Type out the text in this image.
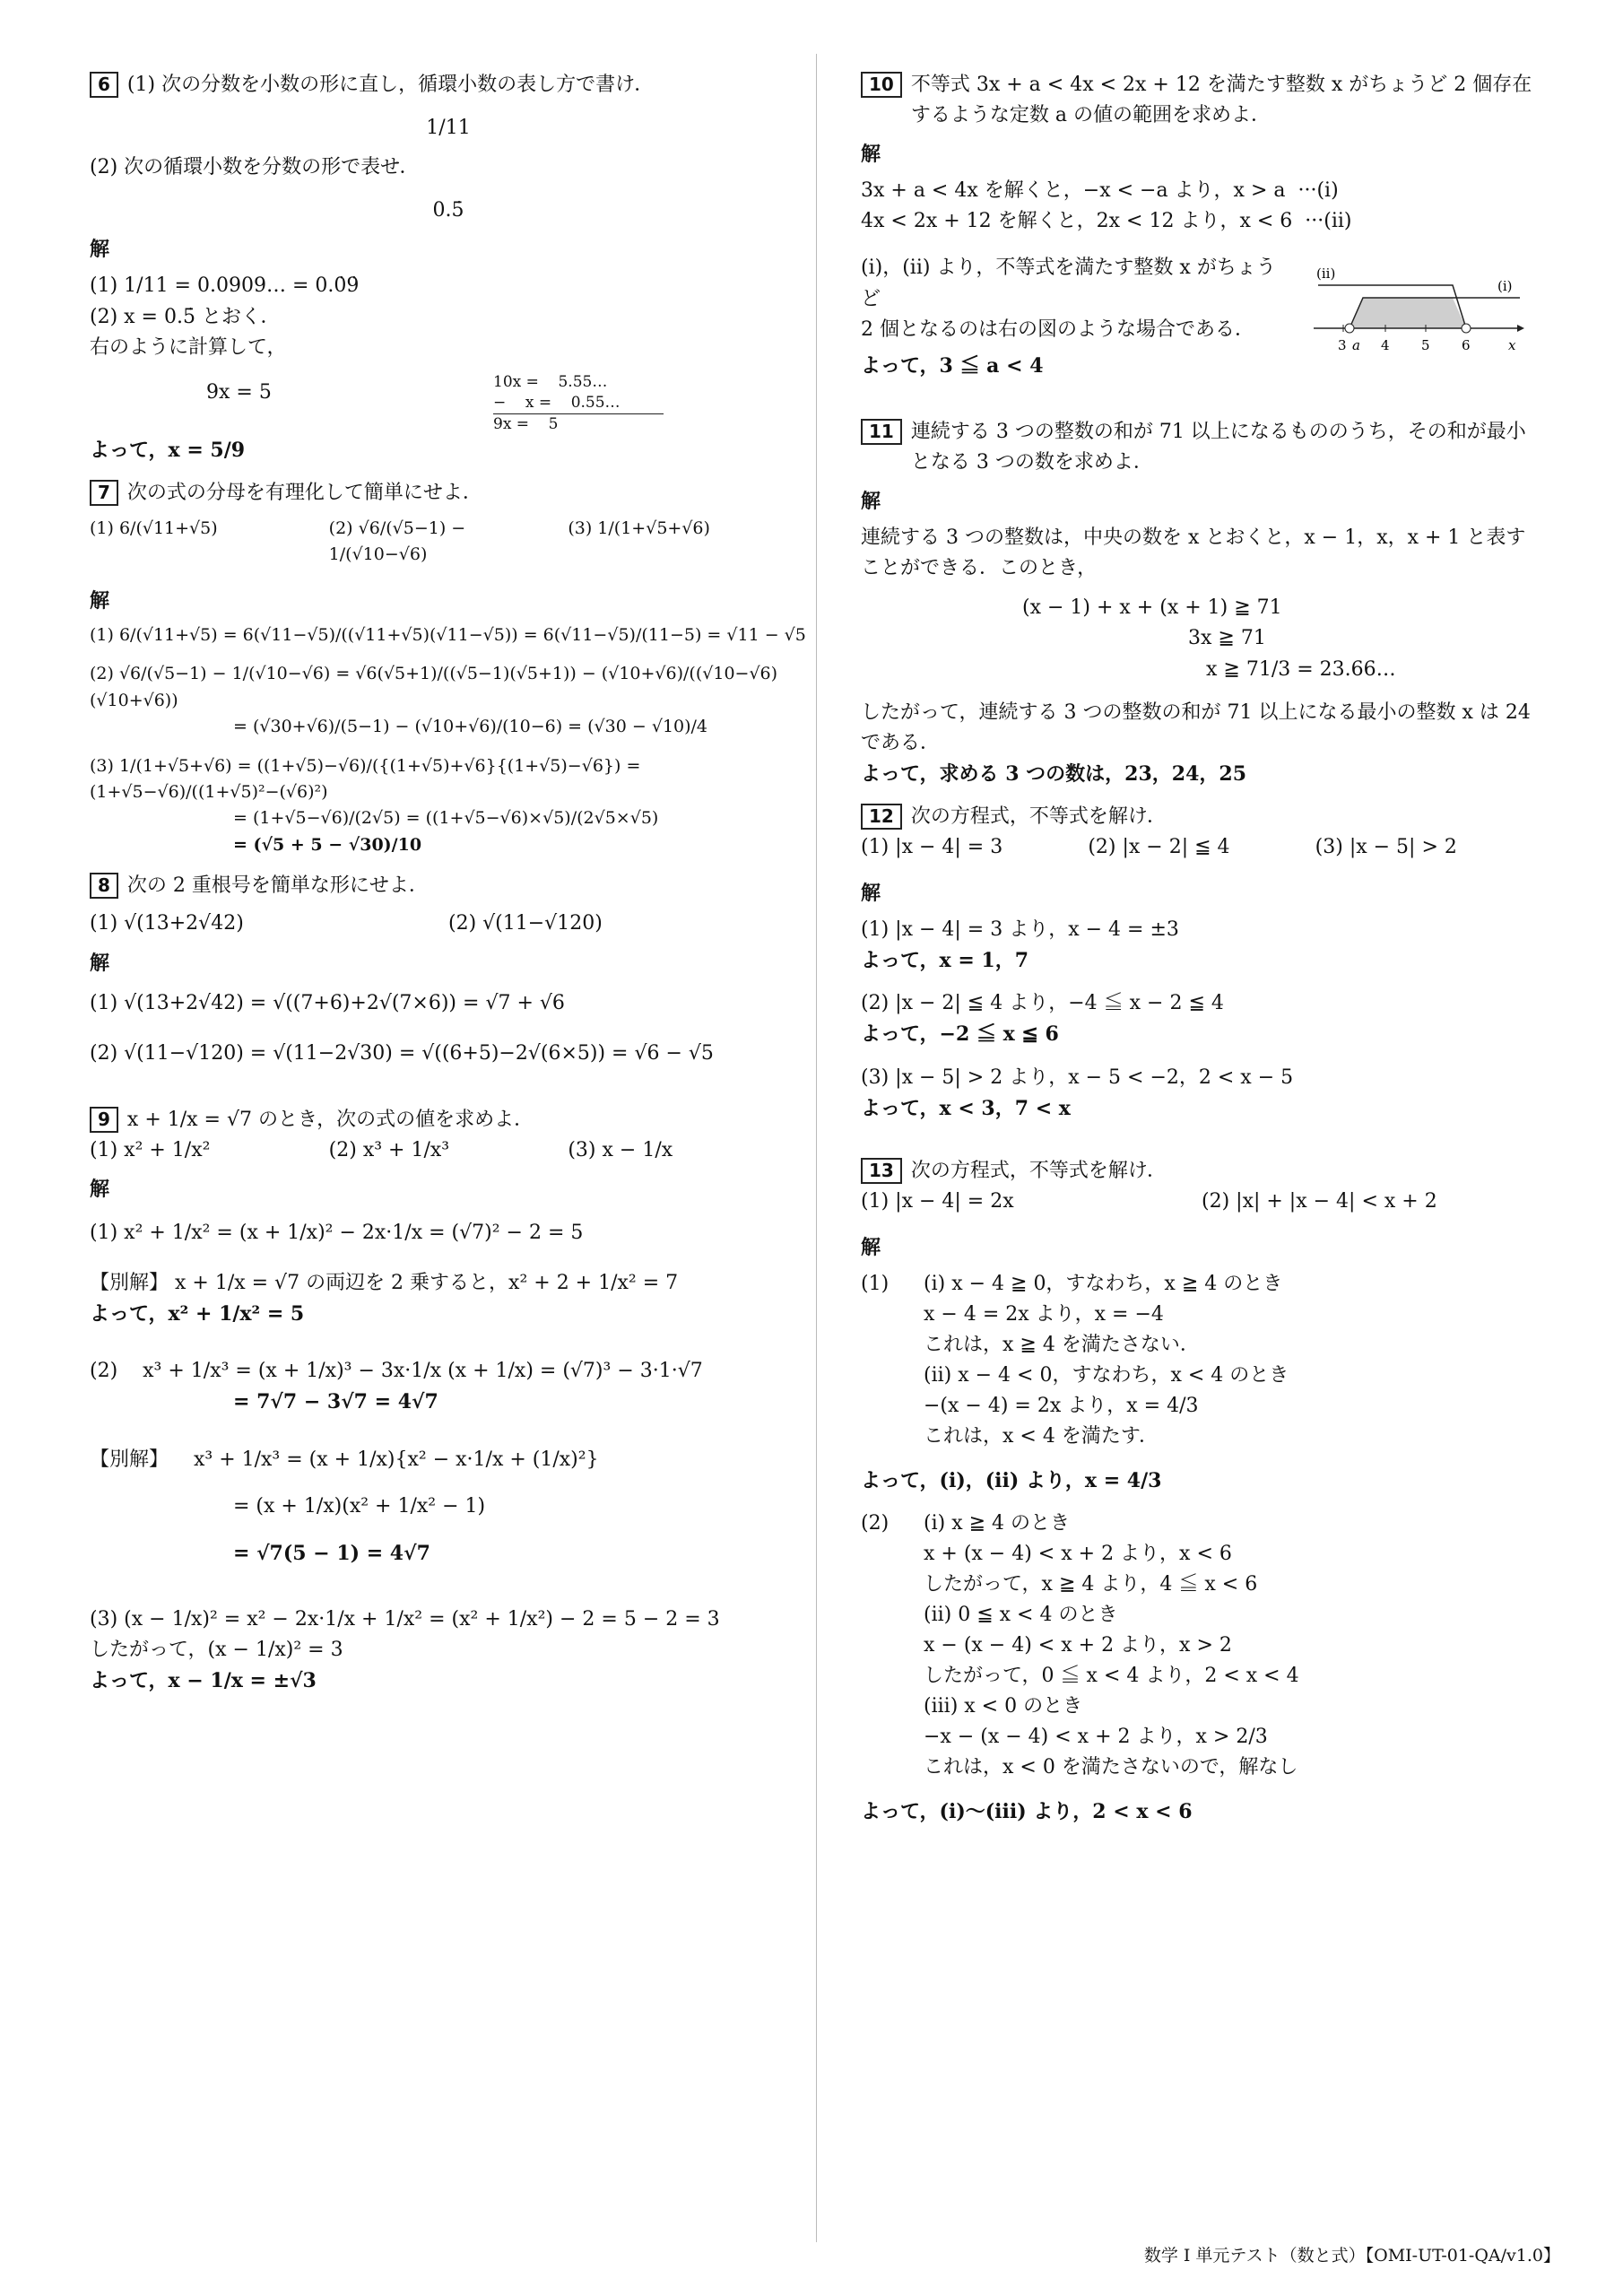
6 (1) 次の分数を小数の形に直し，循環小数の表し方で書け．
1/11
(2) 次の循環小数を分数の形で表せ．
0.5̇
解
(1) 1/11 = 0.0909… = 0.0̇9̇
(2) x = 0.5̇ とおく．
右のように計算して，
9x = 5	10x =    5.55…
−    x =    0.55…
9x =    5
よって，x = 5/9
7 次の式の分母を有理化して簡単にせよ．
(1) 6/(√11+√5)	(2) √6/(√5−1) − 1/(√10−√6)
(3) 1/(1+√5+√6)
解
(1) 6/(√11+√5) = 6(√11−√5)/((√11+√5)(√11−√5)) = 6(√11−√5)/(11−5) = √11 − √5
(2) √6/(√5−1) − 1/(√10−√6) = √6(√5+1)/((√5−1)(√5+1)) − (√10+√6)/((√10−√6)(√10+√6))
= (√30+√6)/(5−1) − (√10+√6)/(10−6) = (√30 − √10)/4
(3) 1/(1+√5+√6) = ((1+√5)−√6)/({(1+√5)+√6}{(1+√5)−√6}) = (1+√5−√6)/((1+√5)²−(√6)²)
= (1+√5−√6)/(2√5) = ((1+√5−√6)×√5)/(2√5×√5)
= (√5 + 5 − √30)/10
8 次の 2 重根号を簡単な形にせよ．
(1) √(13+2√42)	(2) √(11−√120)
解
(1) √(13+2√42) = √((7+6)+2√(7×6)) = √7 + √6
(2) √(11−√120) = √(11−2√30) = √((6+5)−2√(6×5)) = √6 − √5
9 x + 1/x = √7 のとき，次の式の値を求めよ．
(1) x² + 1/x²	(2) x³ + 1/x³	(3) x − 1/x
解
(1) x² + 1/x² = (x + 1/x)² − 2x·1/x = (√7)² − 2 = 5
【別解】 x + 1/x = √7 の両辺を 2 乗すると，x² + 2 + 1/x² = 7
よって，x² + 1/x² = 5
(2)    x³ + 1/x³ = (x + 1/x)³ − 3x·1/x (x + 1/x) = (√7)³ − 3·1·√7
= 7√7 − 3√7 = 4√7
【別解】    x³ + 1/x³ = (x + 1/x){x² − x·1/x + (1/x)²}
= (x + 1/x)(x² + 1/x² − 1)
= √7(5 − 1) = 4√7
(3) (x − 1/x)² = x² − 2x·1/x + 1/x² = (x² + 1/x²) − 2 = 5 − 2 = 3
したがって，(x − 1/x)² = 3
よって，x − 1/x = ±√3
10 不等式 3x + a < 4x < 2x + 12 を満たす整数 x がちょうど 2 個存在するような定数 a の値の範囲を求めよ．
解
3x + a < 4x を解くと，−x < −a より，x > a  ···(i)
4x < 2x + 12 を解くと，2x < 12 より，x < 6  ···(ii)
(i)，(ii) より，不等式を満たす整数 x がちょうど
2 個となるのは右の図のような場合である．
よって，3 ≦ a < 4
(ii)
(i)
3 a 4 5 6	x
11 連続する 3 つの整数の和が 71 以上になるもののうち，その和が最小となる 3 つの数を求めよ．
解
連続する 3 つの整数は，中央の数を x とおくと，x − 1，x，x + 1 と表すことができる．このとき，
(x − 1) + x + (x + 1) ≧ 71
3x ≧ 71
x ≧ 71/3 = 23.66…
したがって，連続する 3 つの整数の和が 71 以上になる最小の整数 x は 24 である．
よって，求める 3 つの数は，23，24，25
12 次の方程式，不等式を解け．
(1) |x − 4| = 3	(2) |x − 2| ≦ 4	(3) |x − 5| > 2
解
(1) |x − 4| = 3 より，x − 4 = ±3
よって，x = 1，7
(2) |x − 2| ≦ 4 より，−4 ≦ x − 2 ≦ 4
よって，−2 ≦ x ≦ 6
(3) |x − 5| > 2 より，x − 5 < −2，2 < x − 5
よって，x < 3，7 < x
13 次の方程式，不等式を解け．
(1) |x − 4| = 2x	(2) |x| + |x − 4| < x + 2
解
(1)	(i) x − 4 ≧ 0，すなわち，x ≧ 4 のとき
x − 4 = 2x より，x = −4
これは，x ≧ 4 を満たさない．
(ii) x − 4 < 0，すなわち，x < 4 のとき
−(x − 4) = 2x より，x = 4/3
これは，x < 4 を満たす．
よって，(i)，(ii) より，x = 4/3
(2)	(i) x ≧ 4 のとき
x + (x − 4) < x + 2 より，x < 6
したがって，x ≧ 4 より，4 ≦ x < 6
(ii) 0 ≦ x < 4 のとき
x − (x − 4) < x + 2 より，x > 2
したがって，0 ≦ x < 4 より，2 < x < 4
(iii) x < 0 のとき
−x − (x − 4) < x + 2 より，x > 2/3
これは，x < 0 を満たさないので，解なし
よって，(i)〜(iii) より，2 < x < 6
数学 I 単元テスト（数と式）【OMI-UT-01-QA/v1.0】
